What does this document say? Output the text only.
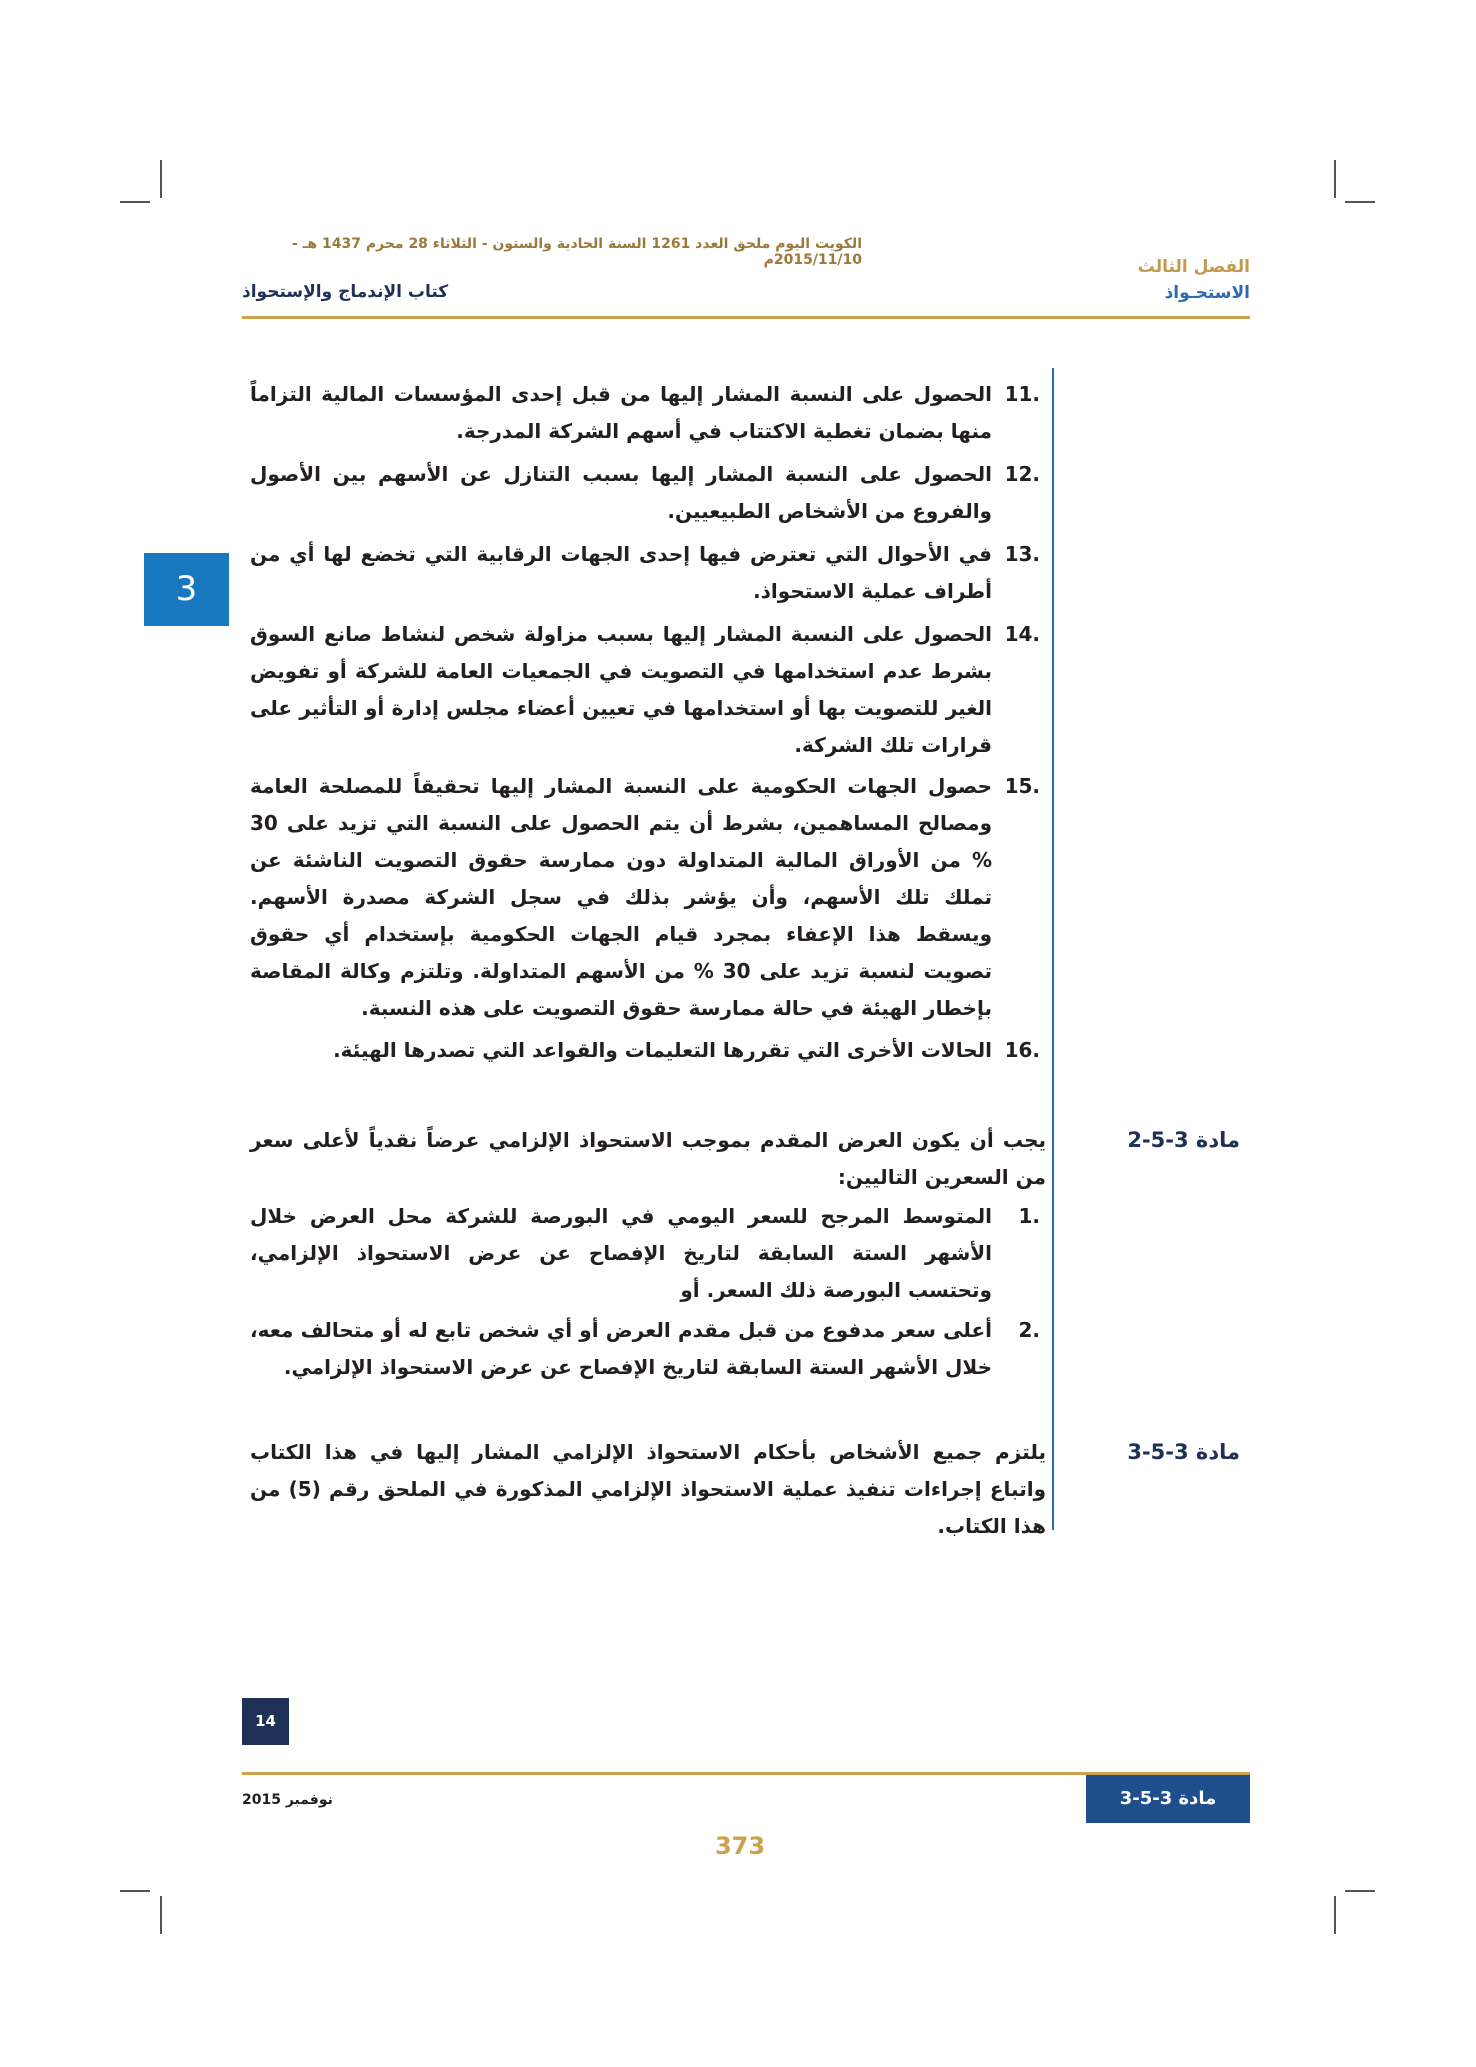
الكويت اليوم ملحق العدد 1261 السنة الحادية والستون - الثلاثاء 28 محرم 1437 هـ - 2015/11/10م	الفصل الثالث
الاستحـواذ
كتاب الإندماج والإستحواذ
3
11.
الحصول على النسبة المشار إليها من قبل إحدى المؤسسات المالية التزاماً منها بضمان تغطية الاكتتاب في أسهم الشركة المدرجة.
12.
الحصول على النسبة المشار إليها بسبب التنازل عن الأسهم بين الأصول والفروع من الأشخاص الطبيعيين.
13.
في الأحوال التي تعترض فيها إحدى الجهات الرقابية التي تخضع لها أي من أطراف عملية الاستحواذ.
14.
الحصول على النسبة المشار إليها بسبب مزاولة شخص لنشاط صانع السوق بشرط عدم استخدامها في التصويت في الجمعيات العامة للشركة أو تفويض الغير للتصويت بها أو استخدامها في تعيين أعضاء مجلس إدارة أو التأثير على قرارات تلك الشركة.
15.
حصول الجهات الحكومية على النسبة المشار إليها تحقيقاً للمصلحة العامة ومصالح المساهمين، بشرط أن يتم الحصول على النسبة التي تزيد على 30 % من الأوراق المالية المتداولة دون ممارسة حقوق التصويت الناشئة عن تملك تلك الأسهم، وأن يؤشر بذلك في سجل الشركة مصدرة الأسهم. ويسقط هذا الإعفاء بمجرد قيام الجهات الحكومية بإستخدام أي حقوق تصويت لنسبة تزيد على 30 % من الأسهم المتداولة. وتلتزم وكالة المقاصة بإخطار الهيئة في حالة ممارسة حقوق التصويت على هذه النسبة.
16.
الحالات الأخرى التي تقررها التعليمات والقواعد التي تصدرها الهيئة.
مادة 3-5-2
يجب أن يكون العرض المقدم بموجب الاستحواذ الإلزامي عرضاً نقدياً لأعلى سعر من السعرين التاليين:
1.
المتوسط المرجح للسعر اليومي في البورصة للشركة محل العرض خلال الأشهر الستة السابقة لتاريخ الإفصاح عن عرض الاستحواذ الإلزامي، وتحتسب البورصة ذلك السعر. أو
2.
أعلى سعر مدفوع من قبل مقدم العرض أو أي شخص تابع له أو متحالف معه، خلال الأشهر الستة السابقة لتاريخ الإفصاح عن عرض الاستحواذ الإلزامي.
مادة 3-5-3
يلتزم جميع الأشخاص بأحكام الاستحواذ الإلزامي المشار إليها في هذا الكتاب واتباع إجراءات تنفيذ عملية الاستحواذ الإلزامي المذكورة في الملحق رقم (5) من هذا الكتاب.
14
نوفمبر 2015	مادة 3-5-3
373
